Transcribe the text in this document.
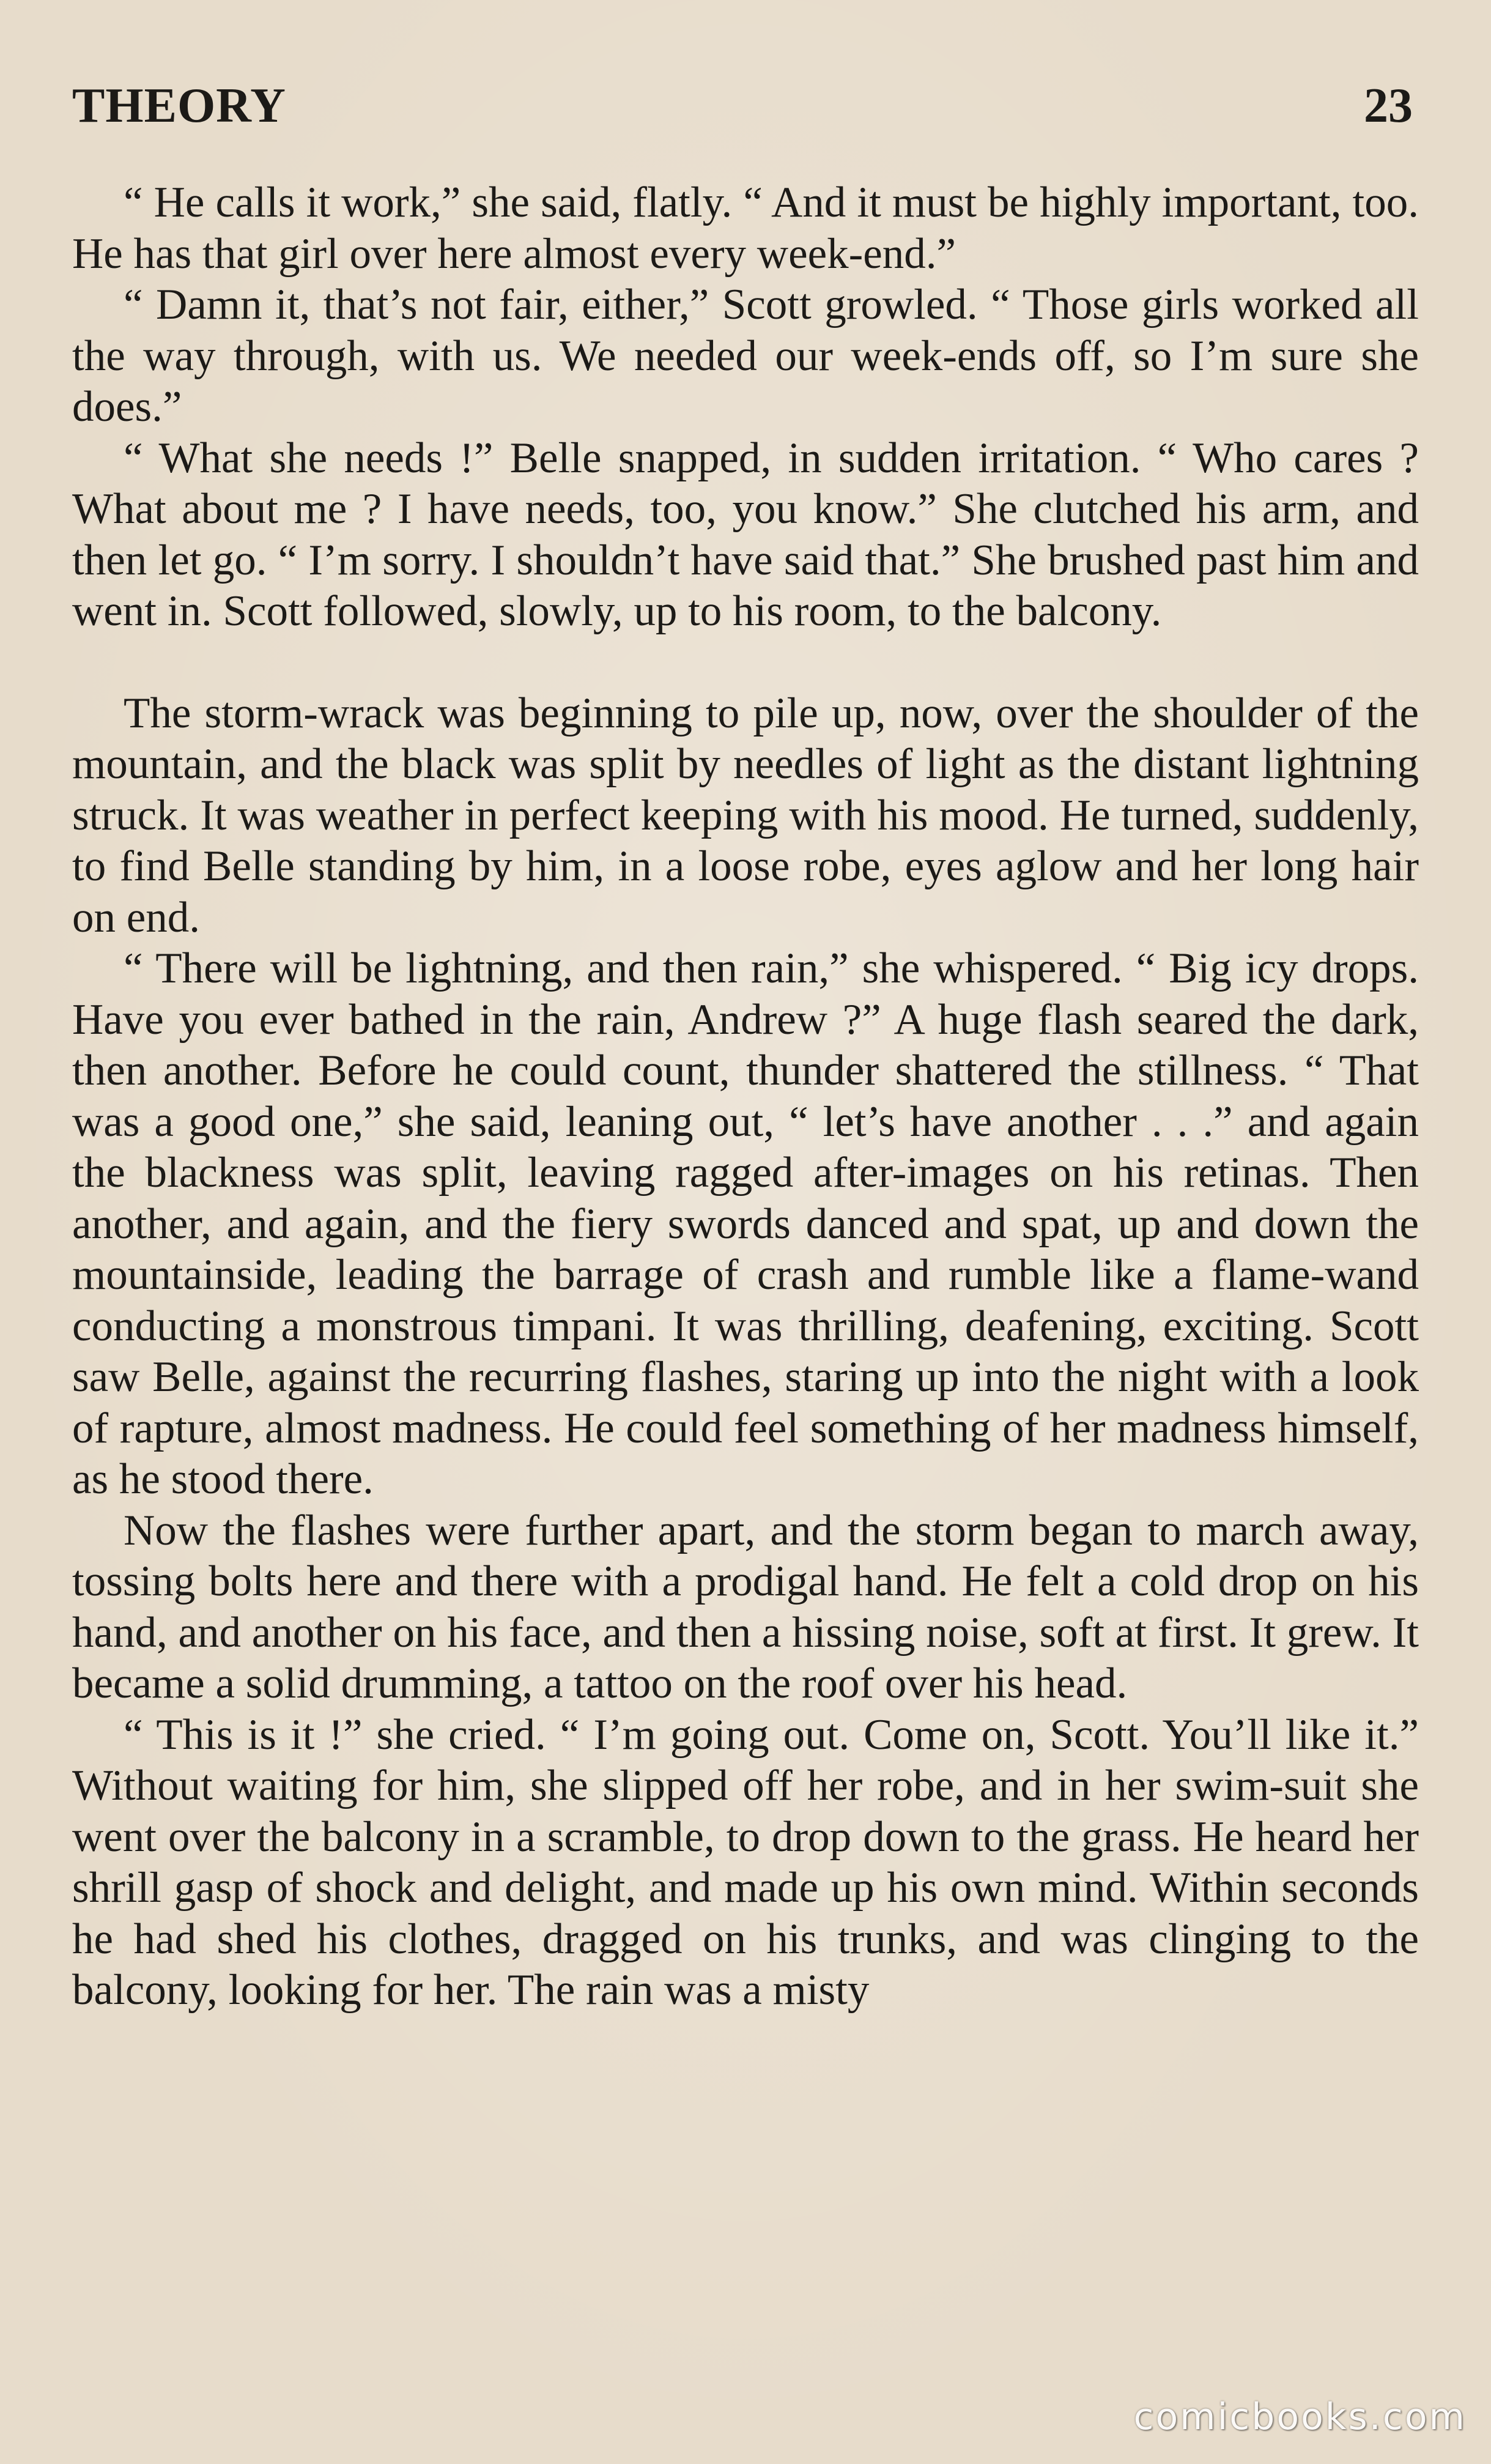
THEORY	23

“ He calls it work,” she said, flatly. “ And it must be highly important, too. He has that girl over here almost every week-end.”

“ Damn it, that’s not fair, either,” Scott growled. “ Those girls worked all the way through, with us. We needed our week-ends off, so I’m sure she does.”

“ What she needs !” Belle snapped, in sudden irritation. “ Who cares ? What about me ? I have needs, too, you know.” She clutched his arm, and then let go. “ I’m sorry. I shouldn’t have said that.” She brushed past him and went in. Scott followed, slowly, up to his room, to the balcony.

The storm-wrack was beginning to pile up, now, over the shoulder of the mountain, and the black was split by needles of light as the distant lightning struck. It was weather in perfect keeping with his mood. He turned, suddenly, to find Belle standing by him, in a loose robe, eyes aglow and her long hair on end.

“ There will be lightning, and then rain,” she whispered. “ Big icy drops. Have you ever bathed in the rain, Andrew ?” A huge flash seared the dark, then another. Before he could count, thunder shattered the stillness. “ That was a good one,” she said, leaning out, “ let’s have another . . .” and again the blackness was split, leaving ragged after-images on his retinas. Then another, and again, and the fiery swords danced and spat, up and down the mountainside, leading the barrage of crash and rumble like a flame-wand conducting a monstrous timpani. It was thrilling, deafening, exciting. Scott saw Belle, against the recurring flashes, staring up into the night with a look of rapture, almost madness. He could feel something of her madness himself, as he stood there.

Now the flashes were further apart, and the storm began to march away, tossing bolts here and there with a prodigal hand. He felt a cold drop on his hand, and another on his face, and then a hissing noise, soft at first. It grew. It became a solid drumming, a tattoo on the roof over his head.

“ This is it !” she cried. “ I’m going out. Come on, Scott. You’ll like it.” Without waiting for him, she slipped off her robe, and in her swim-suit she went over the balcony in a scramble, to drop down to the grass. He heard her shrill gasp of shock and delight, and made up his own mind. Within seconds he had shed his clothes, dragged on his trunks, and was clinging to the balcony, looking for her. The rain was a misty

comicbooks.com
